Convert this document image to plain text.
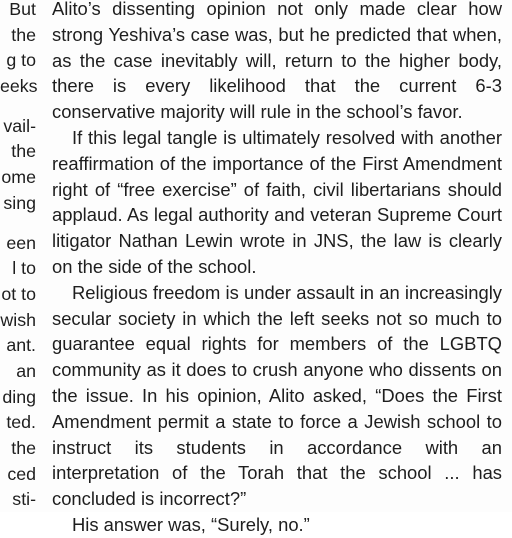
But
the
g to
eeks
vail-
the
ome
sing
een
l to
ot to
wish
ant.
an
ding
ted.
the
ced
sti-

Alito’s dissenting opinion not only made clear how strong Yeshiva’s case was, but he predicted that when, as the case inevitably will, return to the higher body, there is every likelihood that the current 6-3 conservative majority will rule in the school’s favor.

If this legal tangle is ultimately resolved with another reaffirmation of the importance of the First Amendment right of “free exercise” of faith, civil libertarians should applaud. As legal authority and veteran Supreme Court litigator Nathan Lewin wrote in JNS, the law is clearly on the side of the school.

Religious freedom is under assault in an increasingly secular society in which the left seeks not so much to guarantee equal rights for members of the LGBTQ community as it does to crush anyone who dissents on the issue. In his opinion, Alito asked, “Does the First Amendment permit a state to force a Jewish school to instruct its students in accordance with an interpretation of the Torah that the school ... has concluded is incorrect?”

His answer was, “Surely, no.”
